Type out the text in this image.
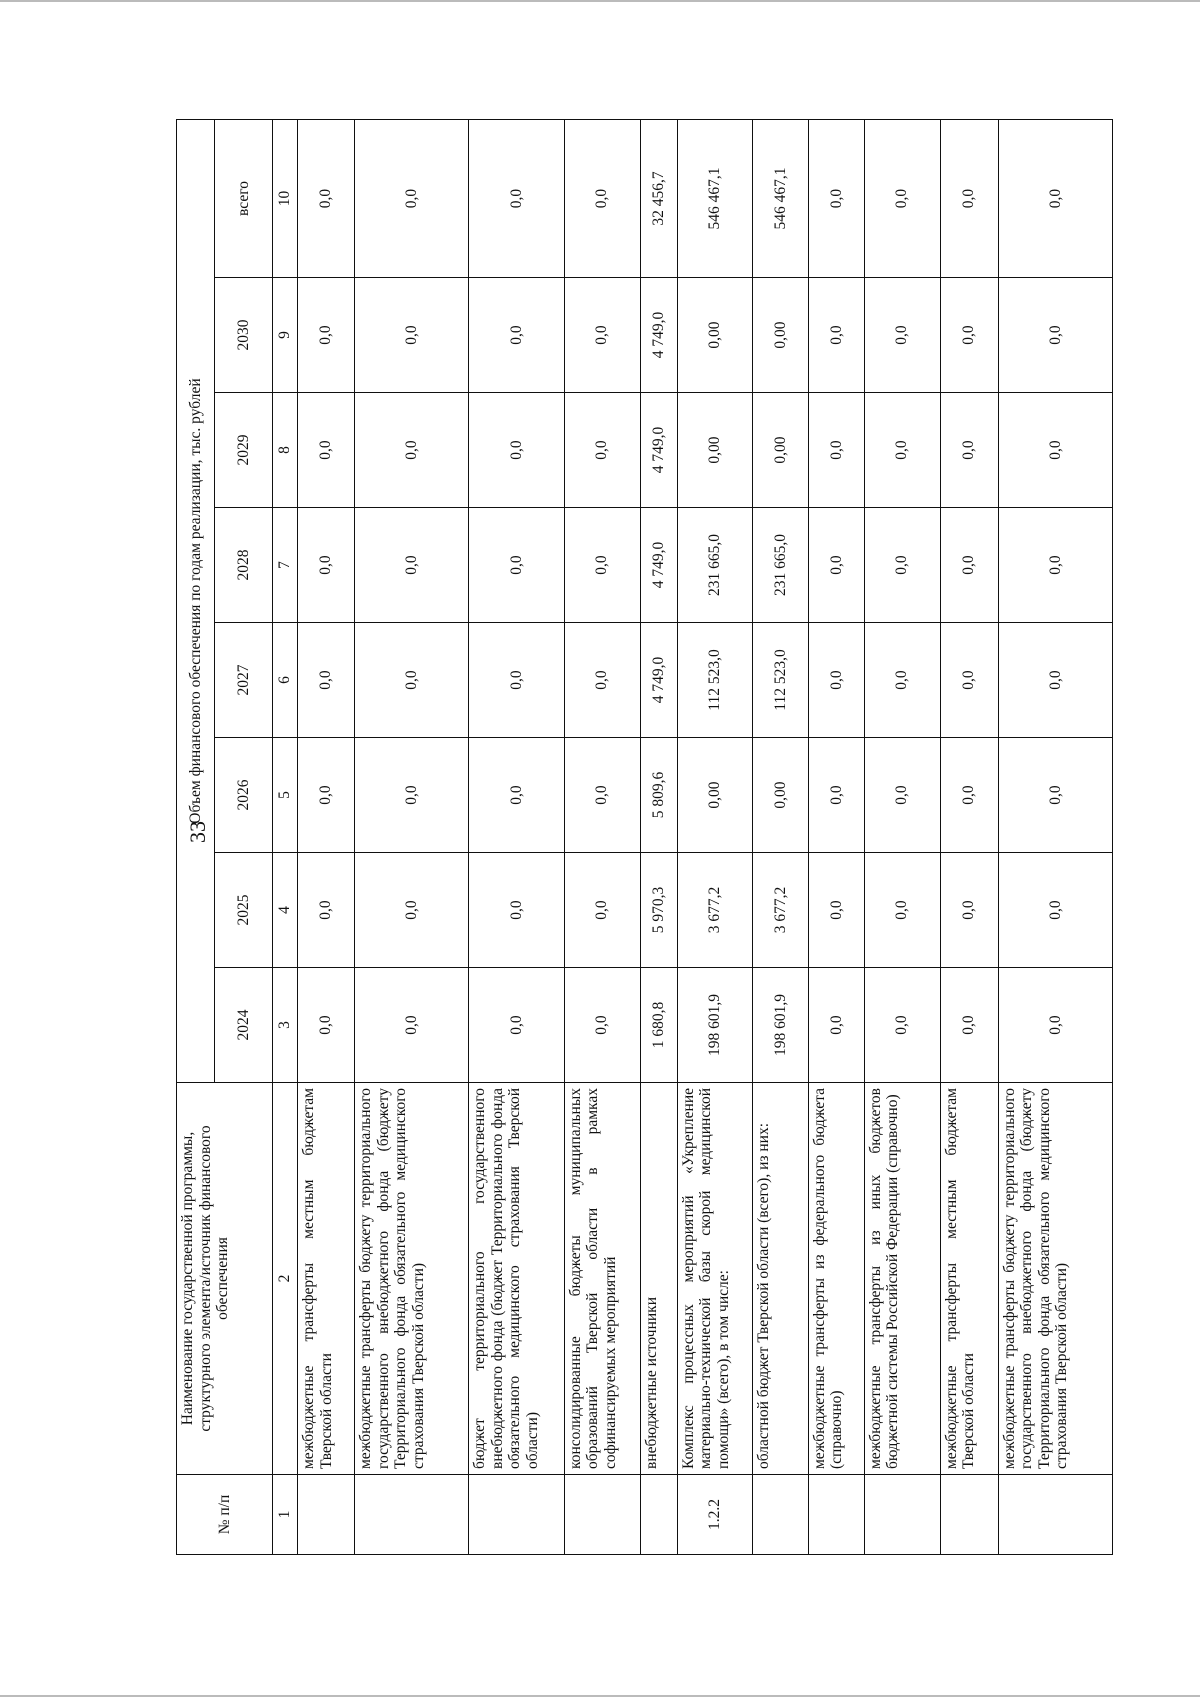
33
№ п/п	Наименование государственной программы, структурного элемента/источник финансового обеспечения	Объем финансового обеспечения по годам реализации, тыс. рублей							
		2024	2025	2026	2027	2028	2029	2030	всего
1	2	3	4	5	6	7	8	9	10
	межбюджетные трансферты местным бюджетам Тверской области	0,0	0,0	0,0	0,0	0,0	0,0	0,0	0,0
	межбюджетные трансферты бюджету территориального государственного внебюджетного фонда (бюджету Территориального фонда обязательного медицинского страхования Тверской области)	0,0	0,0	0,0	0,0	0,0	0,0	0,0	0,0
	бюджет территориального государственного внебюджетного фонда (бюджет Территориального фонда обязательного медицинского страхования Тверской области)	0,0	0,0	0,0	0,0	0,0	0,0	0,0	0,0
	консолидированные бюджеты муниципальных образований Тверской области в рамках софинансируемых мероприятий	0,0	0,0	0,0	0,0	0,0	0,0	0,0	0,0
	внебюджетные источники	1 680,8	5 970,3	5 809,6	4 749,0	4 749,0	4 749,0	4 749,0	32 456,7
1.2.2	Комплекс процессных мероприятий «Укрепление материально-технической базы скорой медицинской помощи» (всего), в том числе:	198 601,9	3 677,2	0,00	112 523,0	231 665,0	0,00	0,00	546 467,1
	областной бюджет Тверской области (всего), из них:	198 601,9	3 677,2	0,00	112 523,0	231 665,0	0,00	0,00	546 467,1
	межбюджетные трансферты из федерального бюджета (справочно)	0,0	0,0	0,0	0,0	0,0	0,0	0,0	0,0
	межбюджетные трансферты из иных бюджетов бюджетной системы Российской Федерации (справочно)	0,0	0,0	0,0	0,0	0,0	0,0	0,0	0,0
	межбюджетные трансферты местным бюджетам Тверской области	0,0	0,0	0,0	0,0	0,0	0,0	0,0	0,0
	межбюджетные трансферты бюджету территориального государственного внебюджетного фонда (бюджету Территориального фонда обязательного медицинского страхования Тверской области)	0,0	0,0	0,0	0,0	0,0	0,0	0,0	0,0
